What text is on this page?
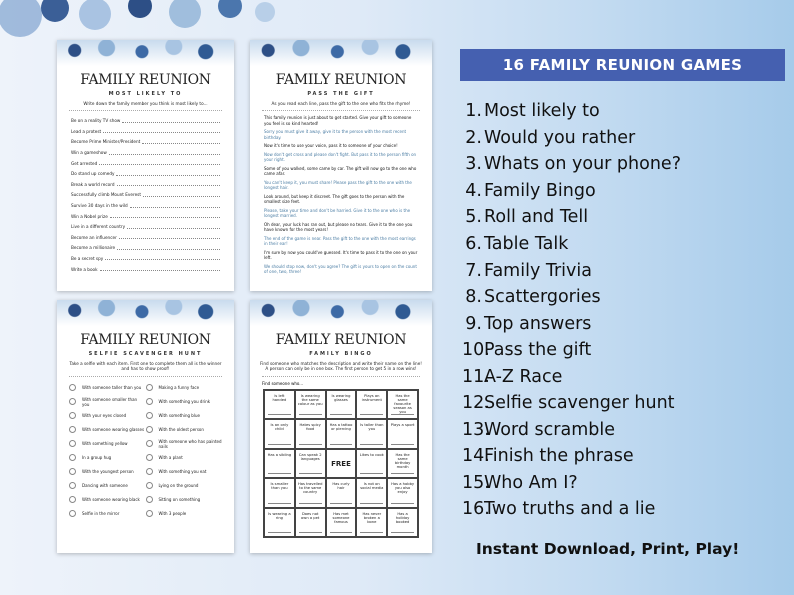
FAMILY REUNION
MOST LIKELY TO
Write down the family member you think is most likely to...
Be on a reality TV show
Lead a protest
Become Prime Minister/President
Win a gameshow
Get arrested
Do stand up comedy
Break a world record
Successfully climb Mount Everest
Survive 30 days in the wild
Win a Nobel prize
Live in a different country
Become an influencer
Become a millionaire
Be a secret spy
Write a book
FAMILY REUNION
PASS THE GIFT
As you read each line, pass the gift to the one who fits the rhyme!

This family reunion is just about to get started. Give your gift to someone you feel is so kind hearted!

Sorry you must give it away, give it to the person with the most recent birthday.

Now it's time to use your voice, pass it to someone of your choice!

Now don't get cross and please don't fight. But pass it to the person fifth on your right.

Some of you walked, some came by car. The gift will now go to the one who came afar.

You can't keep it, you must share! Please pass the gift to the one with the longest hair.

Look around, but keep it discreet. The gift goes to the person with the smallest size feet.

Please, take your time and don't be harried. Give it to the one who is the longest married.

Oh dear, your luck has ran out, but please no tears. Give it to the one you have known for the most years!

The end of the game is near. Pass the gift to the one with the most earrings in their ear!

I'm sure by now you could've guessed. It's time to pass it to the one on your left.

We should stop now, don't you agree? The gift is yours to open on the count of one, two, three!

FAMILY REUNION
SELFIE SCAVENGER HUNT
Take a selfie with each item. First one to complete them all is the winner and has to show proof!
With someone taller than you
With someone smaller than you
With your eyes closed
With someone wearing glasses
With something yellow
In a group hug
With the youngest person
Dancing with someone
With someone wearing black
Selfie in the mirror
Making a funny face
With something you drink
With something blue
With the oldest person
With someone who has painted nails
With a plant
With something you eat
Lying on the ground
Sitting on something
With 3 people
FAMILY REUNION
FAMILY BINGO
Find someone who matches the description and write their name on the line! A person can only be in one box. The first person to get 5 in a row wins!
Find someone who...
Is left handed
Is wearing the same colour as you
Is wearing glasses
Plays an instrument
Has the same favourite season as you
Is an only child
Hates spicy food
Has a tattoo or piercing
Is taller than you
Plays a sport
Has a sibling	Can speak 2 languages
FREE
Likes to cook	Has the same birthday month
Is smaller than you
Has travelled to the same country
Has curly hair
Is not on social media
Has a hobby you also enjoy
Is wearing a ring
Does not own a pet
Has met someone famous
Has never broken a bone
Has a holiday booked
16 FAMILY REUNION GAMES
1. Most likely to
2. Would you rather
3. Whats on your phone?
4. Family Bingo
5. Roll and Tell
6. Table Talk
7. Family Trivia
8. Scattergories
9. Top answers
10.
Pass the gift
11.
A-Z Race
12.
Selfie scavenger hunt
13.
Word scramble
14.
Finish the phrase
15.
Who Am I?
16.
Two truths and a lie
Instant Download, Print, Play!
